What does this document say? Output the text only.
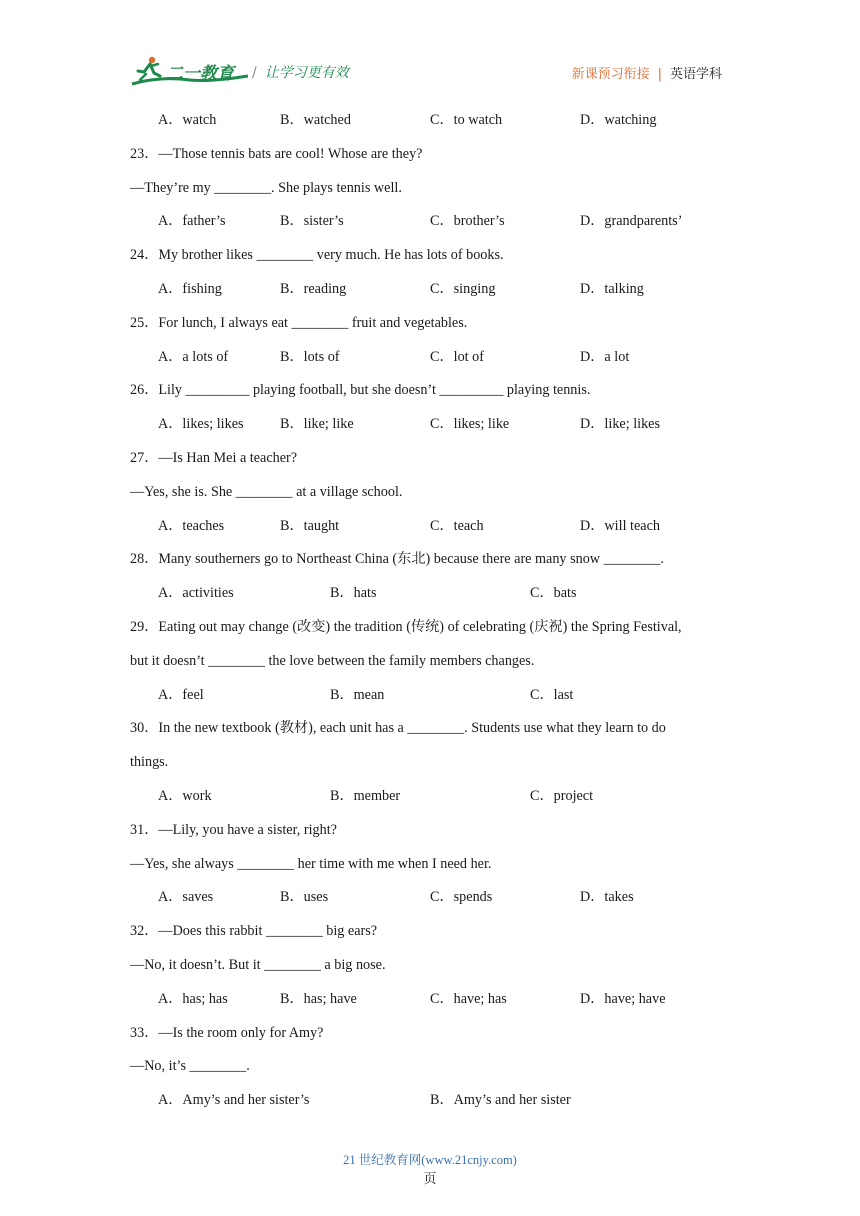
二一教育 / 让学习更有效	新课预习衔接 | 英语学科
A．watch	B．watched	C．to watch	D．watching
23．—Those tennis bats are cool! Whose are they?
—They’re my ________. She plays tennis well.
A．father’s	B．sister’s	C．brother’s	D．grandparents’
24．My brother likes ________ very much. He has lots of books.
A．fishing	B．reading	C．singing	D．talking
25．For lunch, I always eat ________ fruit and vegetables.
A．a lots of	B．lots of	C．lot of	D．a lot
26．Lily _________ playing football, but she doesn’t _________ playing tennis.
A．likes; likes	B．like; like	C．likes; like	D．like; likes
27．—Is Han Mei a teacher?
—Yes, she is. She ________ at a village school.
A．teaches	B．taught	C．teach	D．will teach
28．Many southerners go to Northeast China (东北) because there are many snow ________.
A．activities	B．hats	C．bats
29．Eating out may change (改变) the tradition (传统) of celebrating (庆祝) the Spring Festival,
but it doesn’t ________ the love between the family members changes.
A．feel	B．mean	C．last
30．In the new textbook (教材), each unit has a ________. Students use what they learn to do
things.
A．work	B．member	C．project
31．—Lily, you have a sister, right?
—Yes, she always ________ her time with me when I need her.
A．saves	B．uses	C．spends	D．takes
32．—Does this rabbit ________ big ears?
—No, it doesn’t. But it ________ a big nose.
A．has; has	B．has; have	C．have; has	D．have; have
33．—Is the room only for Amy?
—No, it’s ________.
A．Amy’s and her sister’s	B．Amy’s and her sister
21 世纪教育网(www.21cnjy.com)
页
